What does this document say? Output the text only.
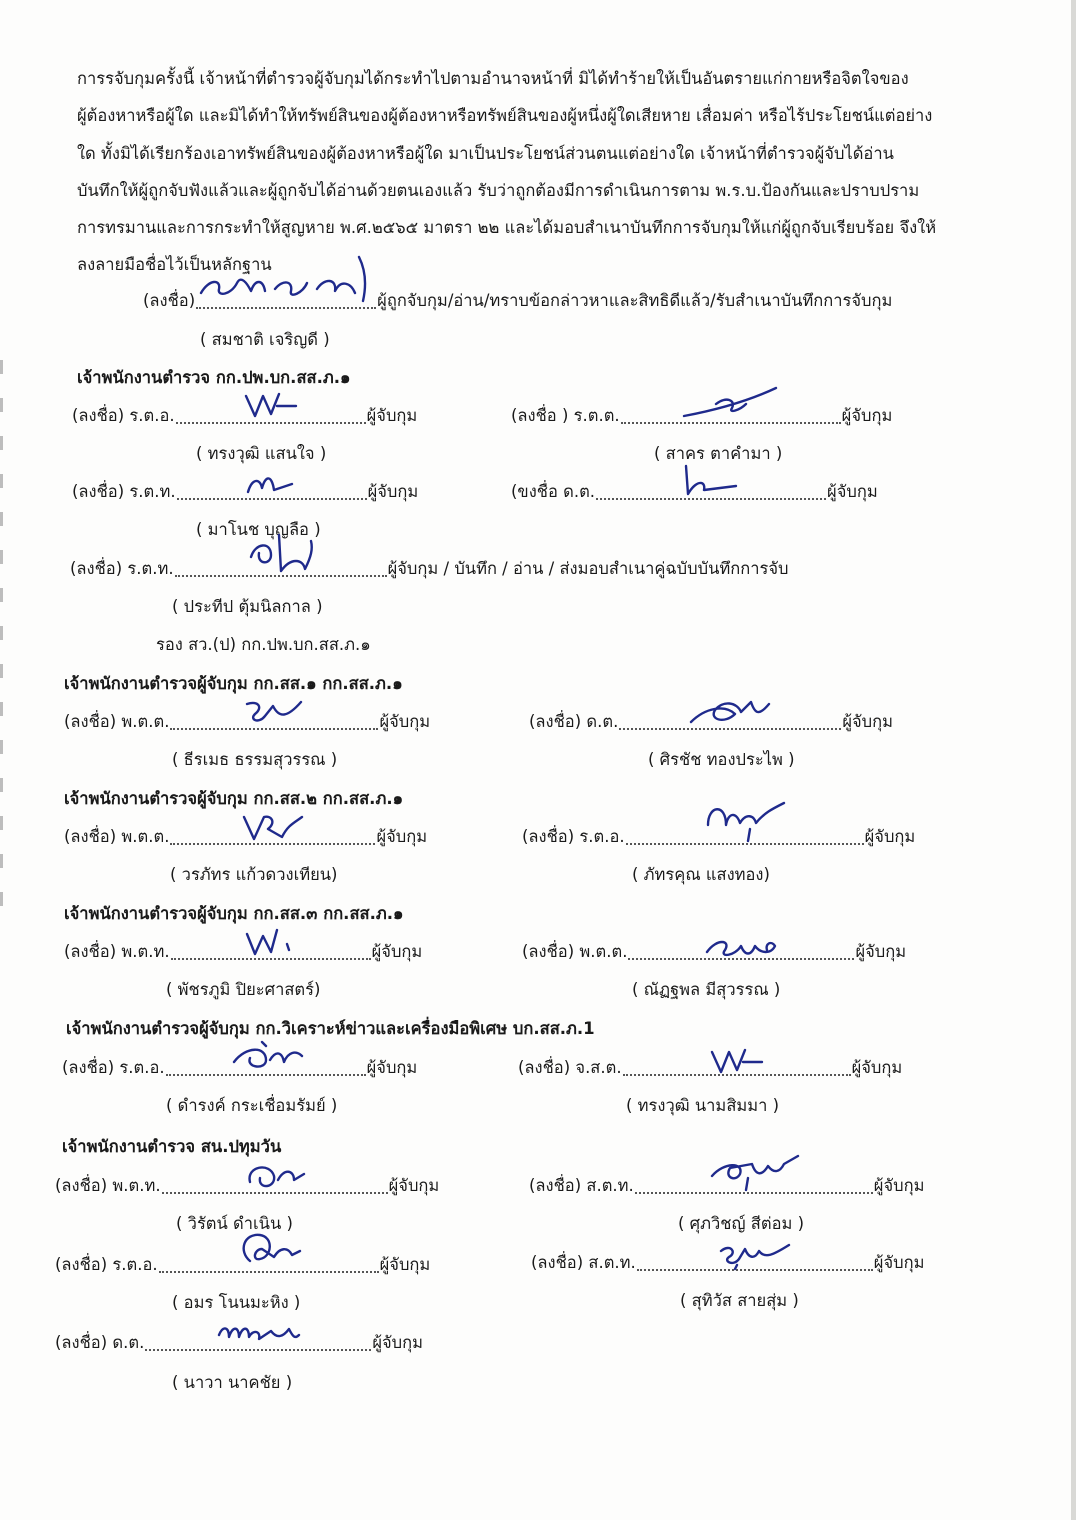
การรจับกุมครั้งนี้ เจ้าหน้าที่ตำรวจผู้จับกุมได้กระทำไปตามอำนาจหน้าที่ มิได้ทำร้ายให้เป็นอันตรายแก่กายหรือจิตใจของ
ผู้ต้องหาหรือผู้ใด และมิได้ทำให้ทรัพย์สินของผู้ต้องหาหรือทรัพย์สินของผู้หนึ่งผู้ใดเสียหาย เสื่อมค่า หรือไร้ประโยชน์แต่อย่าง
ใด ทั้งมิได้เรียกร้องเอาทรัพย์สินของผู้ต้องหาหรือผู้ใด มาเป็นประโยชน์ส่วนตนแต่อย่างใด เจ้าหน้าที่ตำรวจผู้จับได้อ่าน
บันทึกให้ผู้ถูกจับฟังแล้วและผู้ถูกจับได้อ่านด้วยตนเองแล้ว รับว่าถูกต้องมีการดำเนินการตาม พ.ร.บ.ป้องกันและปราบปราม
การทรมานและการกระทำให้สูญหาย พ.ศ.๒๕๖๕ มาตรา ๒๒ และได้มอบสำเนาบันทึกการจับกุมให้แก่ผู้ถูกจับเรียบร้อย จึงให้
ลงลายมือชื่อไว้เป็นหลักฐาน
(ลงชื่อ)	ผู้ถูกจับกุม/อ่าน/ทราบข้อกล่าวหาและสิทธิดีแล้ว/รับสำเนาบันทึกการจับกุม
( สมชาติ เจริญดี )
เจ้าพนักงานตำรวจ กก.ปพ.บก.สส.ภ.๑
(ลงชื่อ) ร.ต.อ.	ผู้จับกุม
( ทรงวุฒิ แสนใจ )
(ลงชื่อ ) ร.ต.ต.	ผู้จับกุม
( สาคร ตาคำมา )
(ลงชื่อ) ร.ต.ท.	ผู้จับกุม
( มาโนช บุญลือ )
(ขงชื่อ ด.ต.	ผู้จับกุม
(ลงชื่อ) ร.ต.ท.	ผู้จับกุม / บันทึก / อ่าน / ส่งมอบสำเนาคู่ฉบับบันทึกการจับ
( ประทีป ตุ้มนิลกาล )
รอง สว.(ป) กก.ปพ.บก.สส.ภ.๑
เจ้าพนักงานตำรวจผู้จับกุม กก.สส.๑ กก.สส.ภ.๑
(ลงชื่อ) พ.ต.ต.	ผู้จับกุม
( ธีรเมธ ธรรมสุวรรณ )
(ลงชื่อ) ด.ต.	ผู้จับกุม
( ศิรชัช ทองประไพ )
เจ้าพนักงานตำรวจผู้จับกุม กก.สส.๒ กก.สส.ภ.๑
(ลงชื่อ) พ.ต.ต.	ผู้จับกุม
( วรภัทร แก้วดวงเทียน)
(ลงชื่อ) ร.ต.อ.	ผู้จับกุม
( ภัทรคุณ แสงทอง)
เจ้าพนักงานตำรวจผู้จับกุม กก.สส.๓ กก.สส.ภ.๑
(ลงชื่อ) พ.ต.ท.	ผู้จับกุม
( พัชรภูมิ ปิยะศาสตร์)
(ลงชื่อ) พ.ต.ต.	ผู้จับกุม
( ณัฏฐพล มีสุวรรณ )
เจ้าพนักงานตำรวจผู้จับกุม กก.วิเคราะห์ข่าวและเครื่องมือพิเศษ บก.สส.ภ.1
(ลงชื่อ) ร.ต.อ.	ผู้จับกุม
( ดำรงค์ กระเชื่อมรัมย์ )
(ลงชื่อ) จ.ส.ต.	ผู้จับกุม
( ทรงวุฒิ นามสิมมา )
เจ้าพนักงานตำรวจ สน.ปทุมวัน
(ลงชื่อ) พ.ต.ท.	ผู้จับกุม
( วิรัตน์ ดำเนิน )
(ลงชื่อ) ส.ต.ท.	ผู้จับกุม
( ศุภวิชญ์ สีต่อม )
(ลงชื่อ) ร.ต.อ.	ผู้จับกุม
( อมร โนนมะหิง )
(ลงชื่อ) ส.ต.ท.	ผู้จับกุม
( สุทิวัส สายสุ่ม )
(ลงชื่อ) ด.ต.	ผู้จับกุม
( นาวา นาคชัย )
